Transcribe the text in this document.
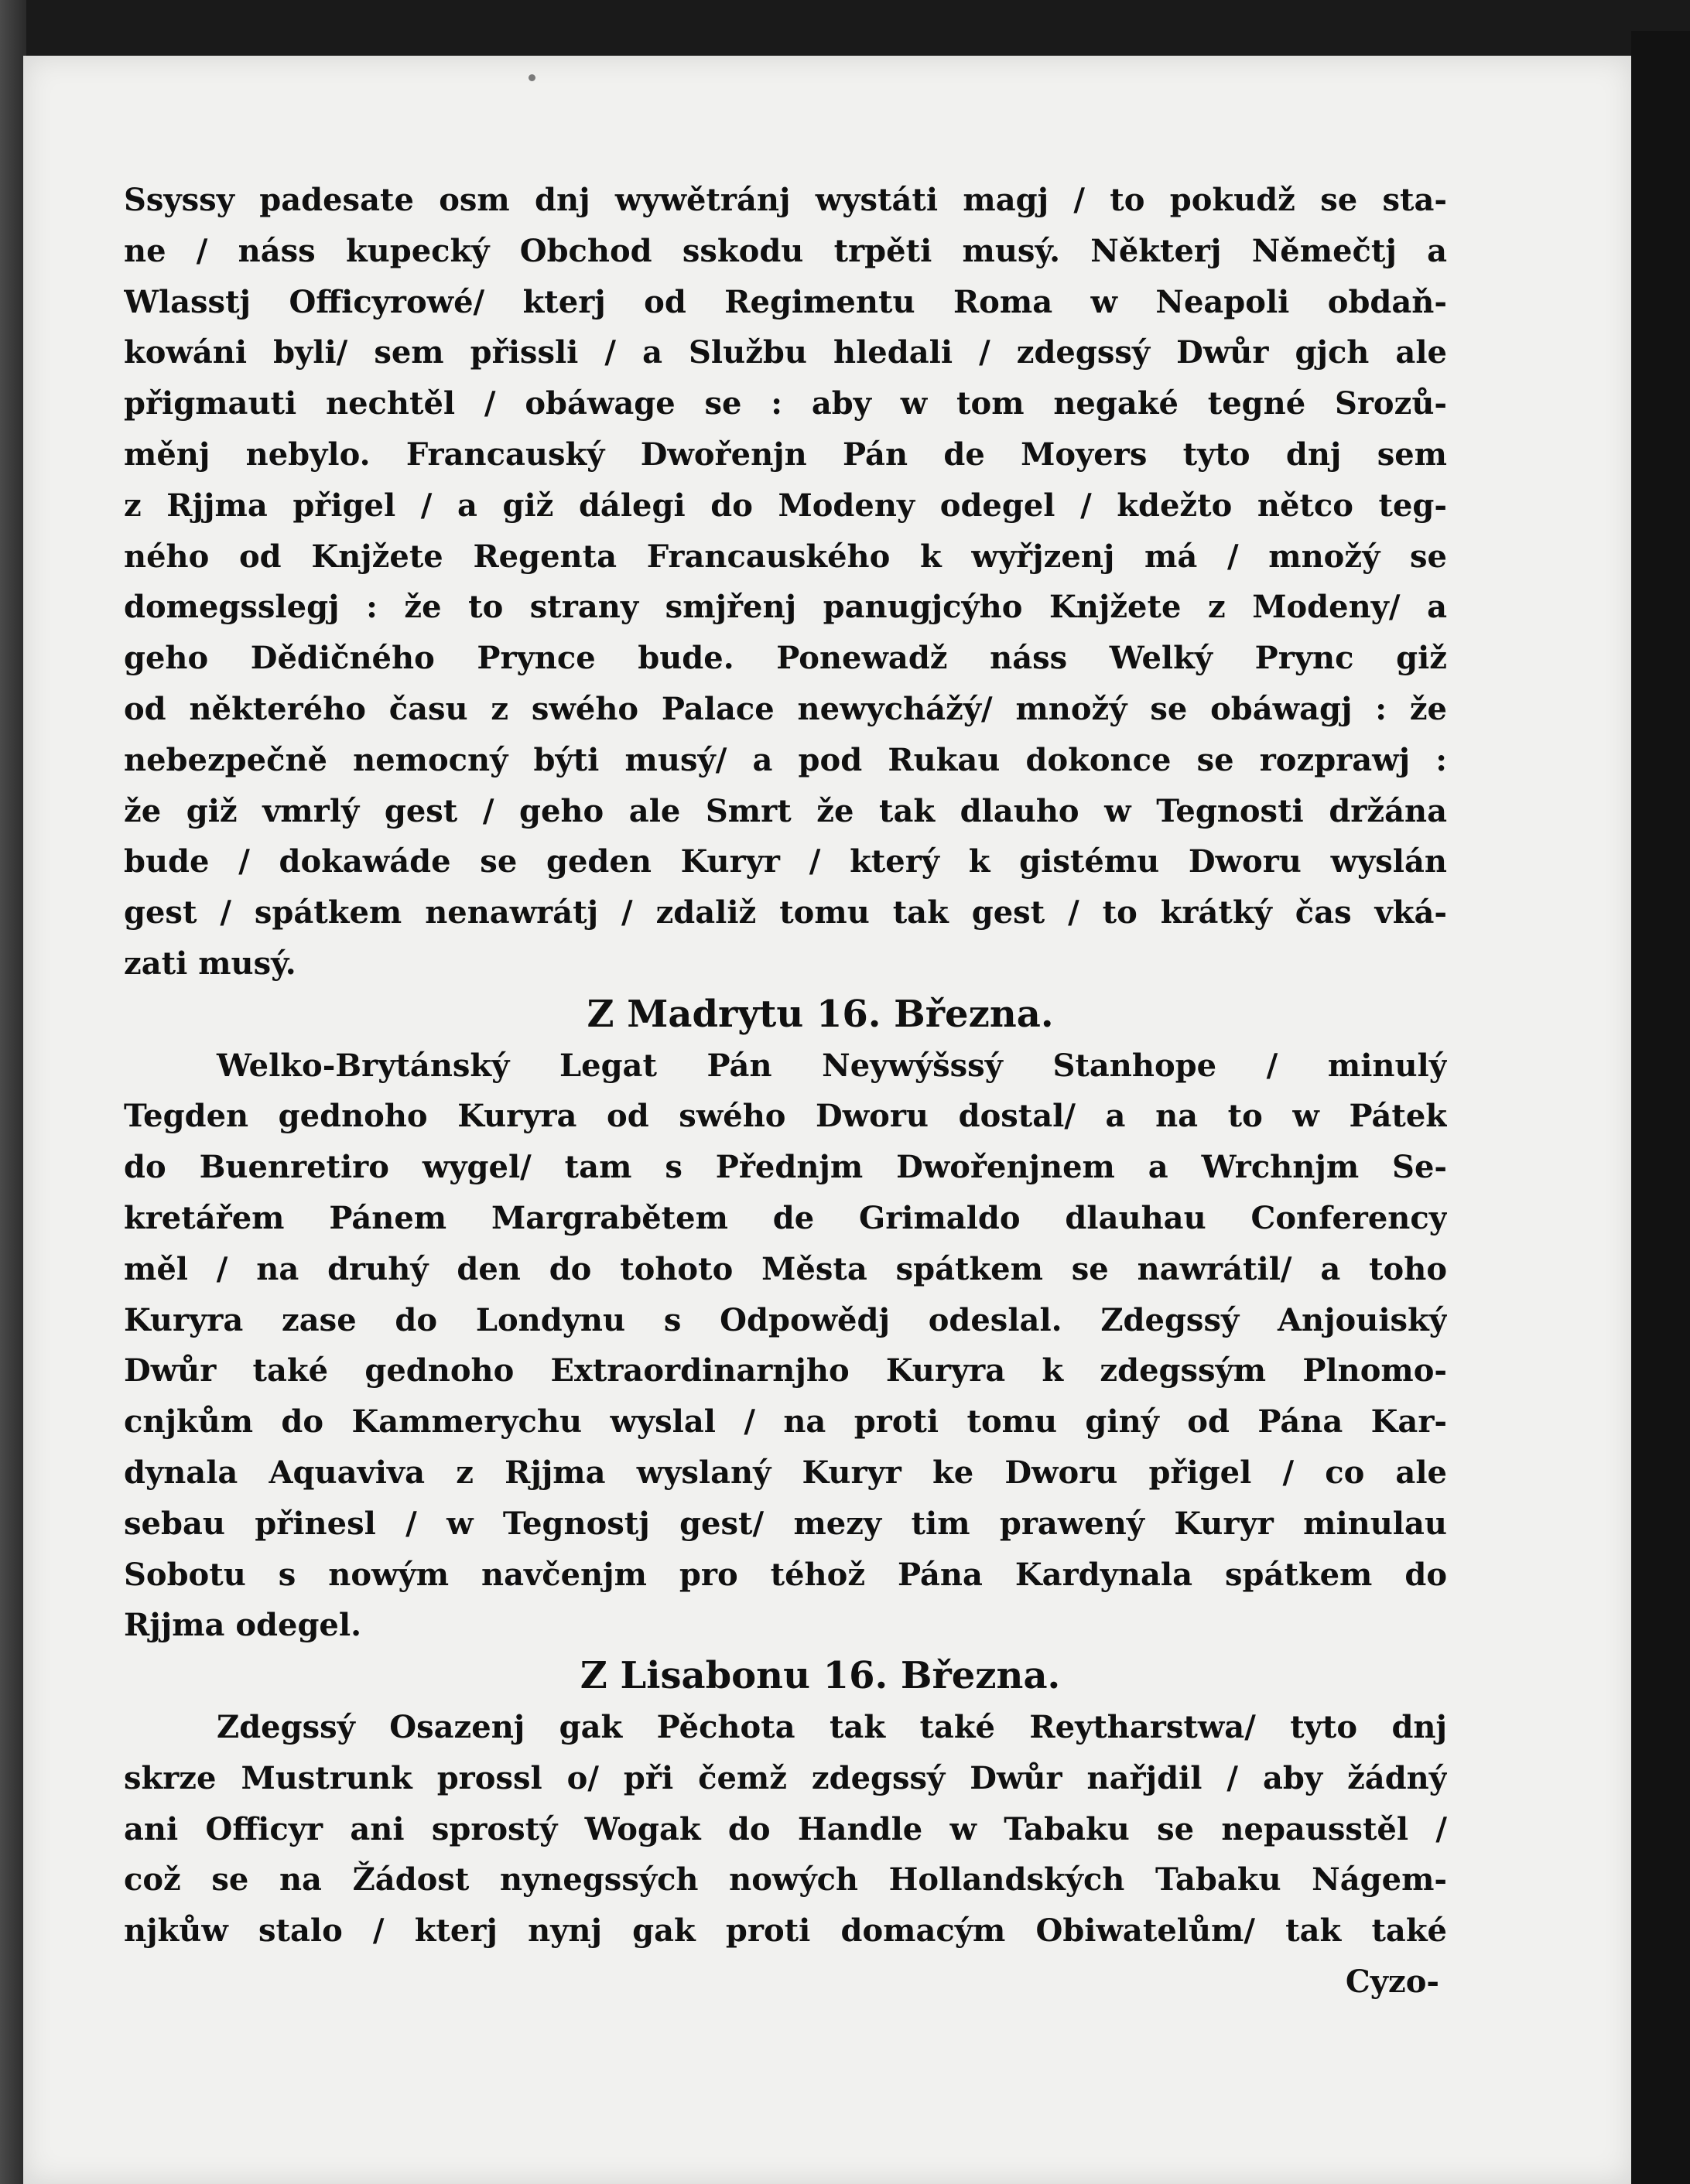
Ssyssy padesate osm dnj wywětránj wystáti magj / to pokudž se sta-
ne / náss kupecký Obchod sskodu trpěti musý. Některj Němečtj a
Wlasstj Officyrowé/ kterj od Regimentu Roma w Neapoli obdaň-
kowáni byli/ sem přissli / a Službu hledali / zdegssý Dwůr gjch ale
přigmauti nechtěl / obáwage se : aby w tom negaké tegné Srozů-
měnj nebylo. Francauský Dwořenjn Pán de Moyers tyto dnj sem
z Rjjma přigel / a giž dálegi do Modeny odegel / kdežto nětco teg-
ného od Knjžete Regenta Francauského k wyřjzenj má / množý se
domegsslegj : že to strany smjřenj panugjcýho Knjžete z Modeny/ a
geho Dědičného Prynce bude. Ponewadž náss Welký Prync giž
od některého času z swého Palace newychážý/ množý se obáwagj : že
nebezpečně nemocný býti musý/ a pod Rukau dokonce se rozprawj :
že giž vmrlý gest / geho ale Smrt že tak dlauho w Tegnosti držána
bude / dokawáde se geden Kuryr / který k gistému Dworu wyslán
gest / spátkem nenawrátj / zdaliž tomu tak gest / to krátký čas vká-
zati musý.
Z Madrytu 16. Března.
Welko-Brytánský Legat Pán Neywýšssý Stanhope / minulý
Tegden gednoho Kuryra od swého Dworu dostal/ a na to w Pátek
do Buenretiro wygel/ tam s Přednjm Dwořenjnem a Wrchnjm Se-
kretářem Pánem Margrabětem de Grimaldo dlauhau Conferency
měl / na druhý den do tohoto Města spátkem se nawrátil/ a toho
Kuryra zase do Londynu s Odpowědj odeslal. Zdegssý Anjouiský
Dwůr také gednoho Extraordinarnjho Kuryra k zdegssým Plnomo-
cnjkům do Kammerychu wyslal / na proti tomu giný od Pána Kar-
dynala Aquaviva z Rjjma wyslaný Kuryr ke Dworu přigel / co ale
sebau přinesl / w Tegnostj gest/ mezy tim prawený Kuryr minulau
Sobotu s nowým navčenjm pro téhož Pána Kardynala spátkem do
Rjjma odegel.
Z Lisabonu 16. Března.
Zdegssý Osazenj gak Pěchota tak také Reytharstwa/ tyto dnj
skrze Mustrunk prossl o/ při čemž zdegssý Dwůr nařjdil / aby žádný
ani Officyr ani sprostý Wogak do Handle w Tabaku se nepausstěl /
což se na Žádost nynegssých nowých Hollandských Tabaku Nágem-
njkůw stalo / kterj nynj gak proti domacým Obiwatelům/ tak také
Cyzo-
